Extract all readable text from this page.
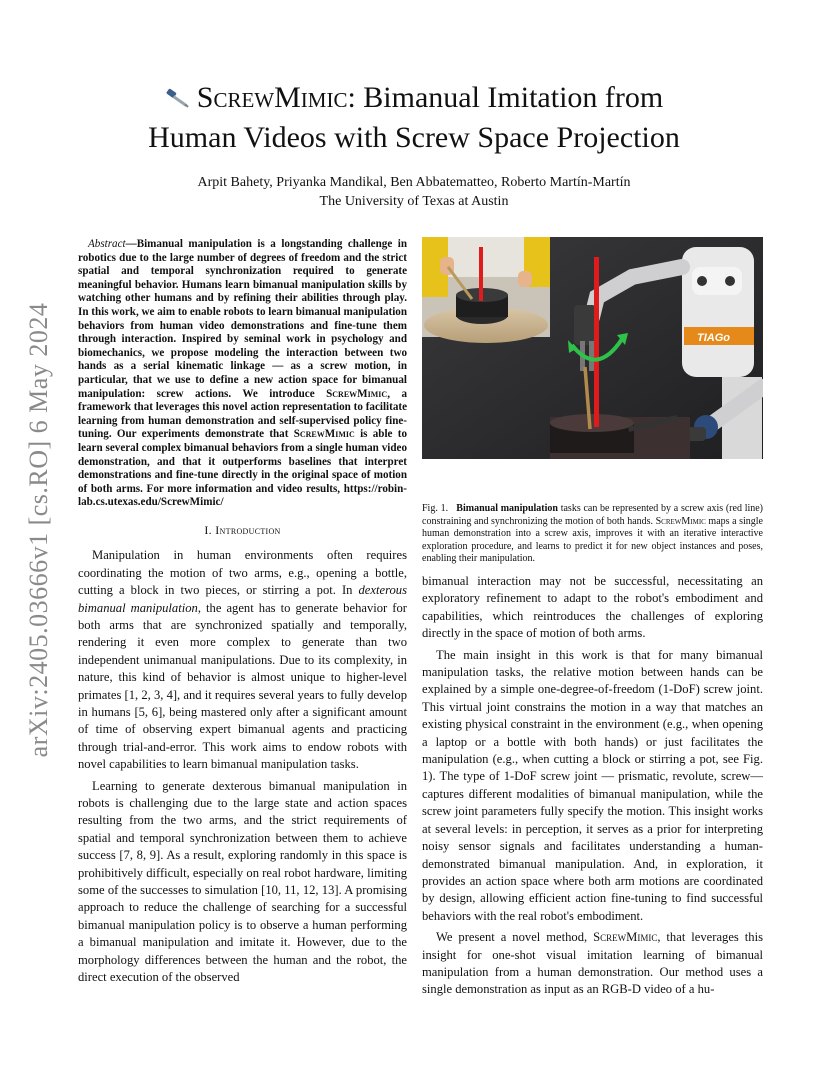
arXiv:2405.03666v1 [cs.RO] 6 May 2024
ScrewMimic: Bimanual Imitation from
Human Videos with Screw Space Projection
Arpit Bahety, Priyanka Mandikal, Ben Abbatematteo, Roberto Martín-Martín
The University of Texas at Austin

Abstract—Bimanual manipulation is a longstanding challenge in robotics due to the large number of degrees of freedom and the strict spatial and temporal synchronization required to generate meaningful behavior. Humans learn bimanual manipulation skills by watching other humans and by refining their abilities through play. In this work, we aim to enable robots to learn bimanual manipulation behaviors from human video demonstrations and fine-tune them through interaction. Inspired by seminal work in psychology and biomechanics, we propose modeling the interaction between two hands as a serial kinematic linkage — as a screw motion, in particular, that we use to define a new action space for bimanual manipulation: screw actions. We introduce ScrewMimic, a framework that leverages this novel action representation to facilitate learning from human demonstration and self-supervised policy fine-tuning. Our experiments demonstrate that ScrewMimic is able to learn several complex bimanual behaviors from a single human video demonstration, and that it outperforms baselines that interpret demonstrations and fine-tune directly in the original space of motion of both arms. For more information and video results, https://robin-lab.cs.utexas.edu/ScrewMimic/

I. Introduction

Manipulation in human environments often requires coordinating the motion of two arms, e.g., opening a bottle, cutting a block in two pieces, or stirring a pot. In dexterous bimanual manipulation, the agent has to generate behavior for both arms that are synchronized spatially and temporally, rendering it even more complex to generate than two independent unimanual manipulations. Due to its complexity, in nature, this kind of behavior is almost unique to higher-level primates [1, 2, 3, 4], and it requires several years to fully develop in humans [5, 6], being mastered only after a significant amount of time of observing expert bimanual agents and practicing through trial-and-error. This work aims to endow robots with novel capabilities to learn bimanual manipulation tasks.

Learning to generate dexterous bimanual manipulation in robots is challenging due to the large state and action spaces resulting from the two arms, and the strict requirements of spatial and temporal synchronization between them to achieve success [7, 8, 9]. As a result, exploring randomly in this space is prohibitively difficult, especially on real robot hardware, limiting some of the successes to simulation [10, 11, 12, 13]. A promising approach to reduce the challenge of searching for a successful bimanual manipulation policy is to observe a human performing a bimanual manipulation and imitate it. However, due to the morphology differences between the human and the robot, the direct execution of the observed

TIAGo
Fig. 1. Bimanual manipulation tasks can be represented by a screw axis (red line) constraining and synchronizing the motion of both hands. ScrewMimic maps a single human demonstration into a screw axis, improves it with an iterative interactive exploration procedure, and learns to predict it for new object instances and poses, enabling their manipulation.

bimanual interaction may not be successful, necessitating an exploratory refinement to adapt to the robot's embodiment and capabilities, which reintroduces the challenges of exploring directly in the space of motion of both arms.

The main insight in this work is that for many bimanual manipulation tasks, the relative motion between hands can be explained by a simple one-degree-of-freedom (1-DoF) screw joint. This virtual joint constrains the motion in a way that matches an existing physical constraint in the environment (e.g., when opening a laptop or a bottle with both hands) or just facilitates the manipulation (e.g., when cutting a block or stirring a pot, see Fig. 1). The type of 1-DoF screw joint — prismatic, revolute, screw— captures different modalities of bimanual manipulation, while the screw joint parameters fully specify the motion. This insight works at several levels: in perception, it serves as a prior for interpreting noisy sensor signals and facilitates understanding a human-demonstrated bimanual manipulation. And, in exploration, it provides an action space where both arm motions are coordinated by design, allowing efficient action fine-tuning to find successful behaviors with the real robot's embodiment.

We present a novel method, ScrewMimic, that leverages this insight for one-shot visual imitation learning of bimanual manipulation from a human demonstration. Our method uses a single demonstration as input as an RGB-D video of a hu-
